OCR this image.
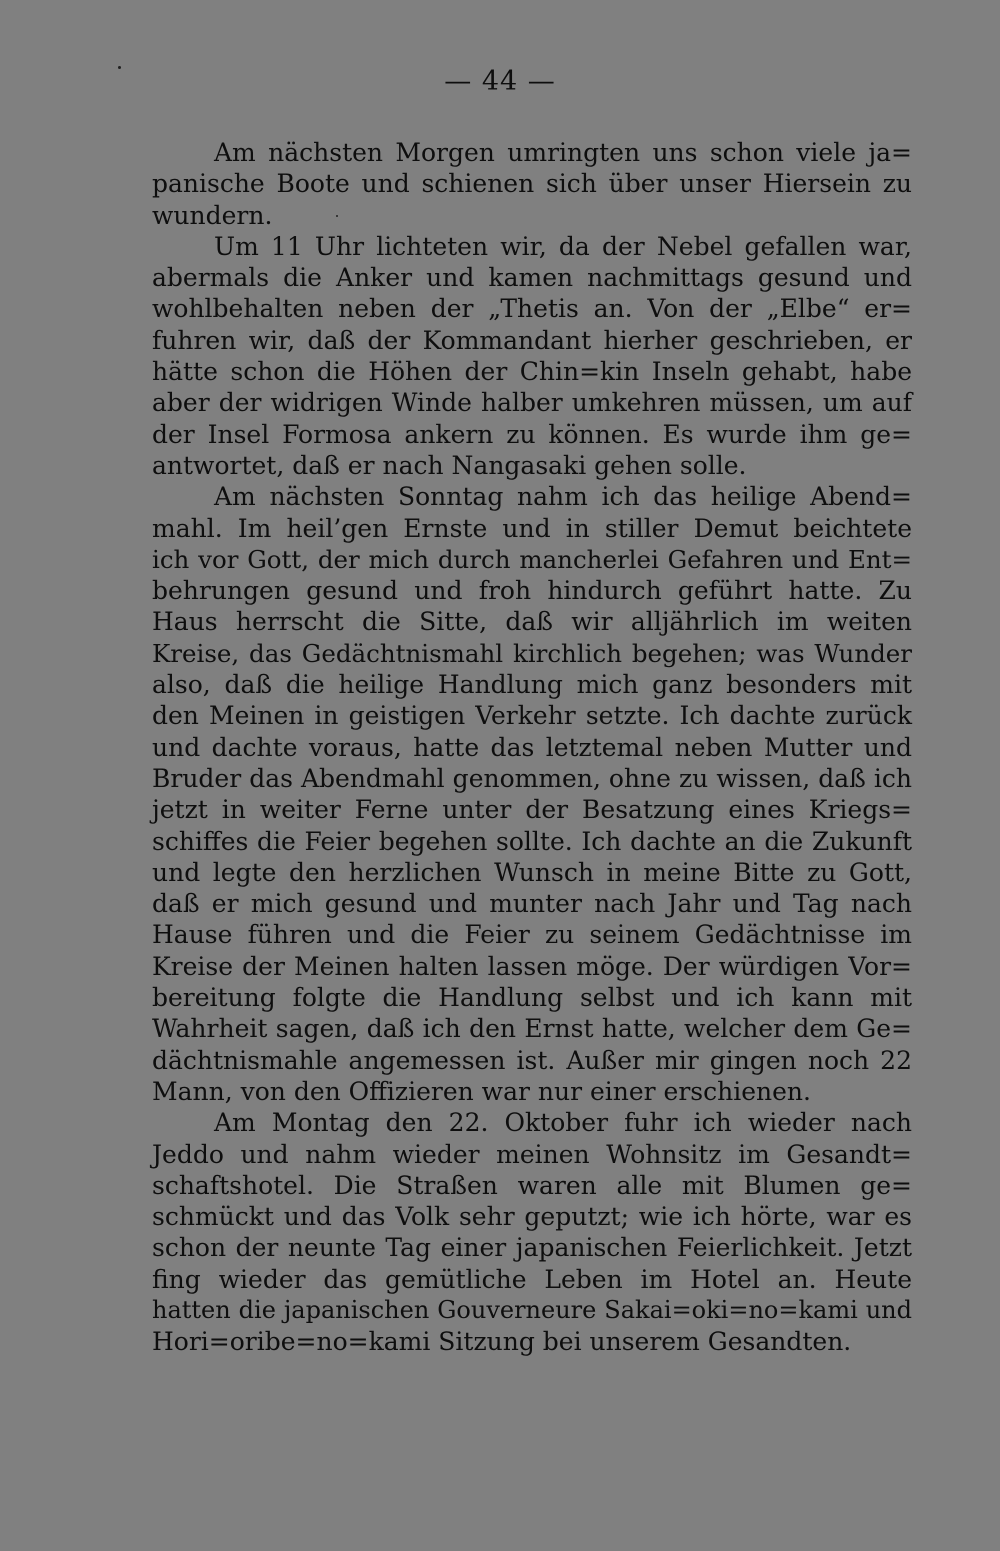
— 44 —
Am nächsten Morgen umringten uns schon viele ja=
panische Boote und schienen sich über unser Hiersein zu
wundern.
Um 11 Uhr lichteten wir, da der Nebel gefallen war,
abermals die Anker und kamen nachmittags gesund und
wohlbehalten neben der „Thetis an. Von der „Elbe“ er=
fuhren wir, daß der Kommandant hierher geschrieben, er
hätte schon die Höhen der Chin=kin Inseln gehabt, habe
aber der widrigen Winde halber umkehren müssen, um auf
der Insel Formosa ankern zu können. Es wurde ihm ge=
antwortet, daß er nach Nangasaki gehen solle.
Am nächsten Sonntag nahm ich das heilige Abend=
mahl. Im heil’gen Ernste und in stiller Demut beichtete
ich vor Gott, der mich durch mancherlei Gefahren und Ent=
behrungen gesund und froh hindurch geführt hatte. Zu
Haus herrscht die Sitte, daß wir alljährlich im weiten
Kreise, das Gedächtnismahl kirchlich begehen; was Wunder
also, daß die heilige Handlung mich ganz besonders mit
den Meinen in geistigen Verkehr setzte. Ich dachte zurück
und dachte voraus, hatte das letztemal neben Mutter und
Bruder das Abendmahl genommen, ohne zu wissen, daß ich
jetzt in weiter Ferne unter der Besatzung eines Kriegs=
schiffes die Feier begehen sollte. Ich dachte an die Zukunft
und legte den herzlichen Wunsch in meine Bitte zu Gott,
daß er mich gesund und munter nach Jahr und Tag nach
Hause führen und die Feier zu seinem Gedächtnisse im
Kreise der Meinen halten lassen möge. Der würdigen Vor=
bereitung folgte die Handlung selbst und ich kann mit
Wahrheit sagen, daß ich den Ernst hatte, welcher dem Ge=
dächtnismahle angemessen ist. Außer mir gingen noch 22
Mann, von den Offizieren war nur einer erschienen.
Am Montag den 22. Oktober fuhr ich wieder nach
Jeddo und nahm wieder meinen Wohnsitz im Gesandt=
schaftshotel. Die Straßen waren alle mit Blumen ge=
schmückt und das Volk sehr geputzt; wie ich hörte, war es
schon der neunte Tag einer japanischen Feierlichkeit. Jetzt
fing wieder das gemütliche Leben im Hotel an. Heute
hatten die japanischen Gouverneure Sakai=oki=no=kami und
Hori=oribe=no=kami Sitzung bei unserem Gesandten.
